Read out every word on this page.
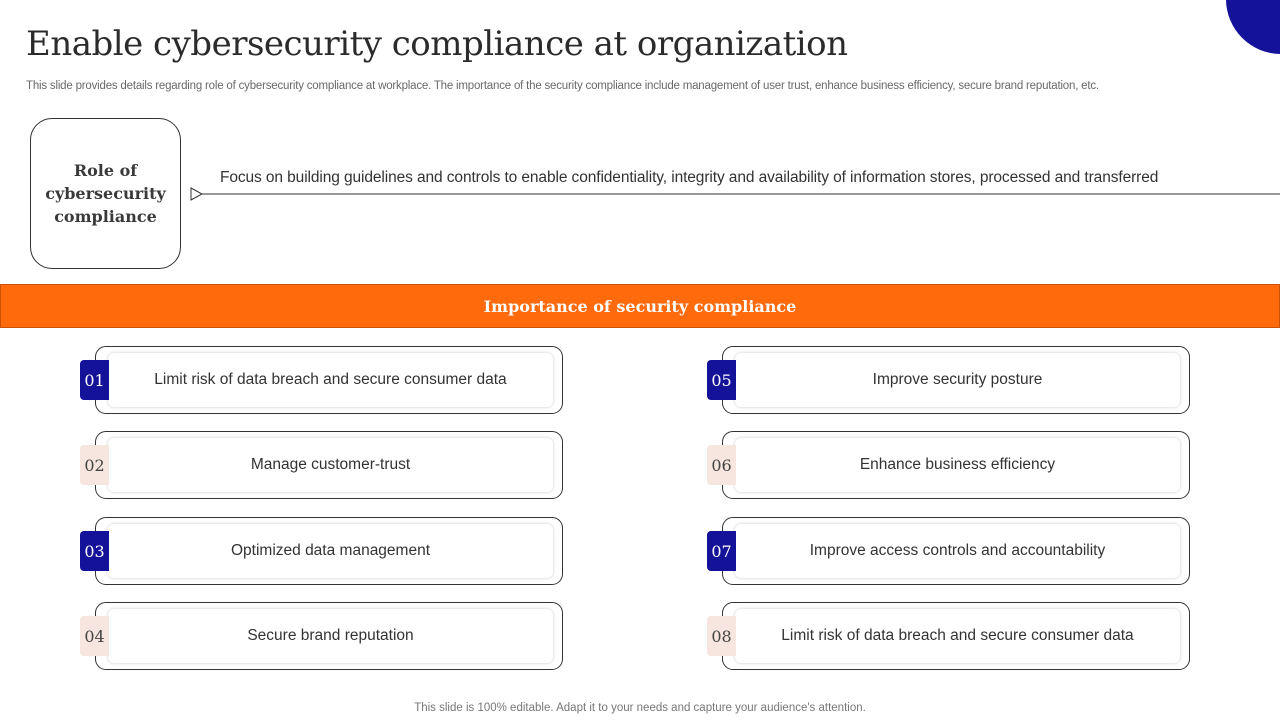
Enable cybersecurity compliance at organization

This slide provides details regarding role of cybersecurity compliance at workplace. The importance of the security compliance include management of user trust, enhance business efficiency, secure brand reputation, etc.

Role of
cybersecurity
compliance
Focus on building guidelines and controls to enable confidentiality, integrity and availability of information stores, processed and transferred
Importance of security compliance
Limit risk of data breach and secure consumer data
01
Manage customer-trust
02
Optimized data management
03
Secure brand reputation
04
Improve security posture
05
Enhance business efficiency
06
Improve access controls and accountability
07
Limit risk of data breach and secure consumer data
08
This slide is 100% editable. Adapt it to your needs and capture your audience's attention.
